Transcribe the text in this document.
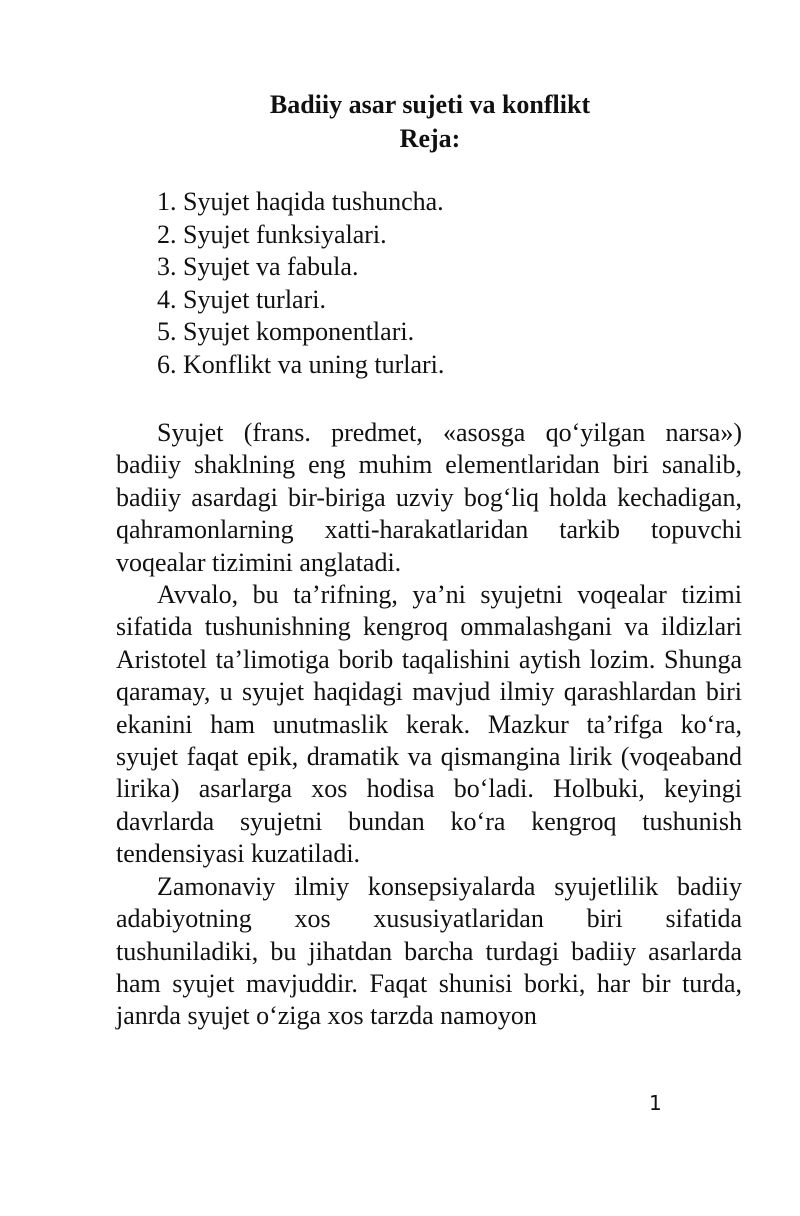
Badiiy asar sujeti va konflikt
Reja:
1. Syujet haqida tushuncha.
2. Syujet funksiyalari.
3. Syujet va fabula.
4. Syujet turlari.
5. Syujet komponentlari.
6. Konflikt va uning turlari.

Syujet (frans. predmet, «asosga qo‘yilgan narsa») badiiy shaklning eng muhim elementlaridan biri sanalib, badiiy asardagi bir-biriga uzviy bog‘liq holda kechadigan, qahramonlarning xatti-harakatlaridan tarkib topuvchi voqealar tizimini anglatadi.

Avvalo, bu ta’rifning, ya’ni syujetni voqealar tizimi sifatida tushunishning kengroq ommalashgani va ildizlari Aristotel ta’limotiga borib taqalishini aytish lozim. Shunga qaramay, u syujet haqidagi mavjud ilmiy qarashlardan biri ekanini ham unutmaslik kerak. Mazkur ta’rifga ko‘ra, syujet faqat epik, dramatik va qismangina lirik (voqeaband lirika) asarlarga xos hodisa bo‘ladi. Holbuki, keyingi davrlarda syujetni bundan ko‘ra kengroq tushunish tendensiyasi kuzatiladi.

Zamonaviy ilmiy konsepsiyalarda syujetlilik badiiy adabiyotning xos xususiyatlaridan biri sifatida tushuniladiki, bu jihatdan barcha turdagi badiiy asarlarda ham syujet mavjuddir. Faqat shunisi borki, har bir turda, janrda syujet o‘ziga xos tarzda namoyon

1
